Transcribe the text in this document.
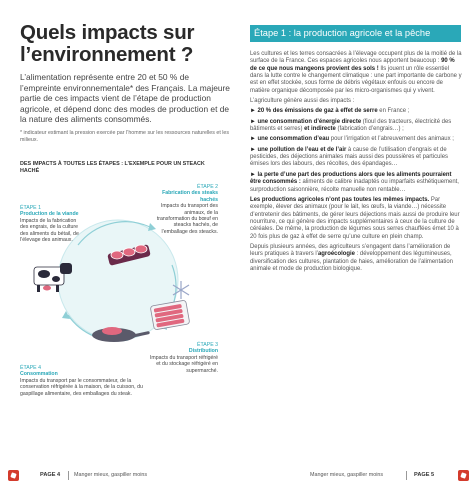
Quels impacts sur l’environnement ?
L’alimentation représente entre 20 et 50 % de l’empreinte environnementale* des Français. La majeure partie de ces impacts vient de l’étape de production agricole, et dépend donc des modes de production et de la nature des aliments consommés.
* indicateur estimant la pression exercée par l’homme sur les ressources naturelles et les milieux.
DES IMPACTS À TOUTES LES ÉTAPES : L’EXEMPLE POUR UN STEACK HACHÉ
ÉTAPE 1
Production de la viande
Impacts de la fabrication des engrais, de la culture des aliments du bétail, de l’élevage des animaux.
ÉTAPE 2
Fabrication des steaks hachés
Impacts du transport des animaux, de la transformation du bœuf en steacks hachés, de l’emballage des steacks.
ÉTAPE 3
Distribution
Impacts du transport réfrigéré et du stockage réfrigéré en supermarché.
ÉTAPE 4
Consommation
Impacts du transport par le consommateur, de la conservation réfrigérée à la maison, de la cuisson, du gaspillage alimentaire, des emballages du steak.
PAGE 4	Manger mieux, gaspiller moins
Étape 1 : la production agricole et la pêche

Les cultures et les terres consacrées à l’élevage occupent plus de la moitié de la surface de la France. Ces espaces agricoles nous apportent beaucoup : 90 % de ce que nous mangeons provient des sols ! Ils jouent un rôle essentiel dans la lutte contre le changement climatique : une part importante de carbone y est en effet stockée, sous forme de débris végétaux enfouis ou encore de matière organique décomposée par les micro-organismes qui y vivent.

L’agriculture génère aussi des impacts :

► 20 % des émissions de gaz à effet de serre en France ;

► une consommation d’énergie directe (fioul des tracteurs, électricité des bâtiments et serres) et indirecte (fabrication d’engrais…) ;

► une consommation d’eau pour l’irrigation et l’abreuvement des animaux ;

► une pollution de l’eau et de l’air à cause de l’utilisation d’engrais et de pesticides, des déjections animales mais aussi des poussières et particules émises lors des labours, des récoltes, des épandages…

► la perte d’une part des productions alors que les aliments pourraient être consommés : aliments de calibre inadaptés ou imparfaits esthétiquement, surproduction saisonnière, récolte manuelle non rentable…

Les productions agricoles n’ont pas toutes les mêmes impacts. Par exemple, élever des animaux (pour le lait, les œufs, la viande…) nécessite d’entretenir des bâtiments, de gérer leurs déjections mais aussi de produire leur nourriture, ce qui génère des impacts supplémentaires à ceux de la culture de céréales. De même, la production de légumes sous serres chauffées émet 10 à 20 fois plus de gaz à effet de serre qu’une culture en plein champ.

Depuis plusieurs années, des agriculteurs s’engagent dans l’amélioration de leurs pratiques à travers l’agroécologie : développement des légumineuses, diversification des cultures, plantation de haies, amélioration de l’alimentation animale et mode de production biologique.

Manger mieux, gaspiller moins	PAGE 5
